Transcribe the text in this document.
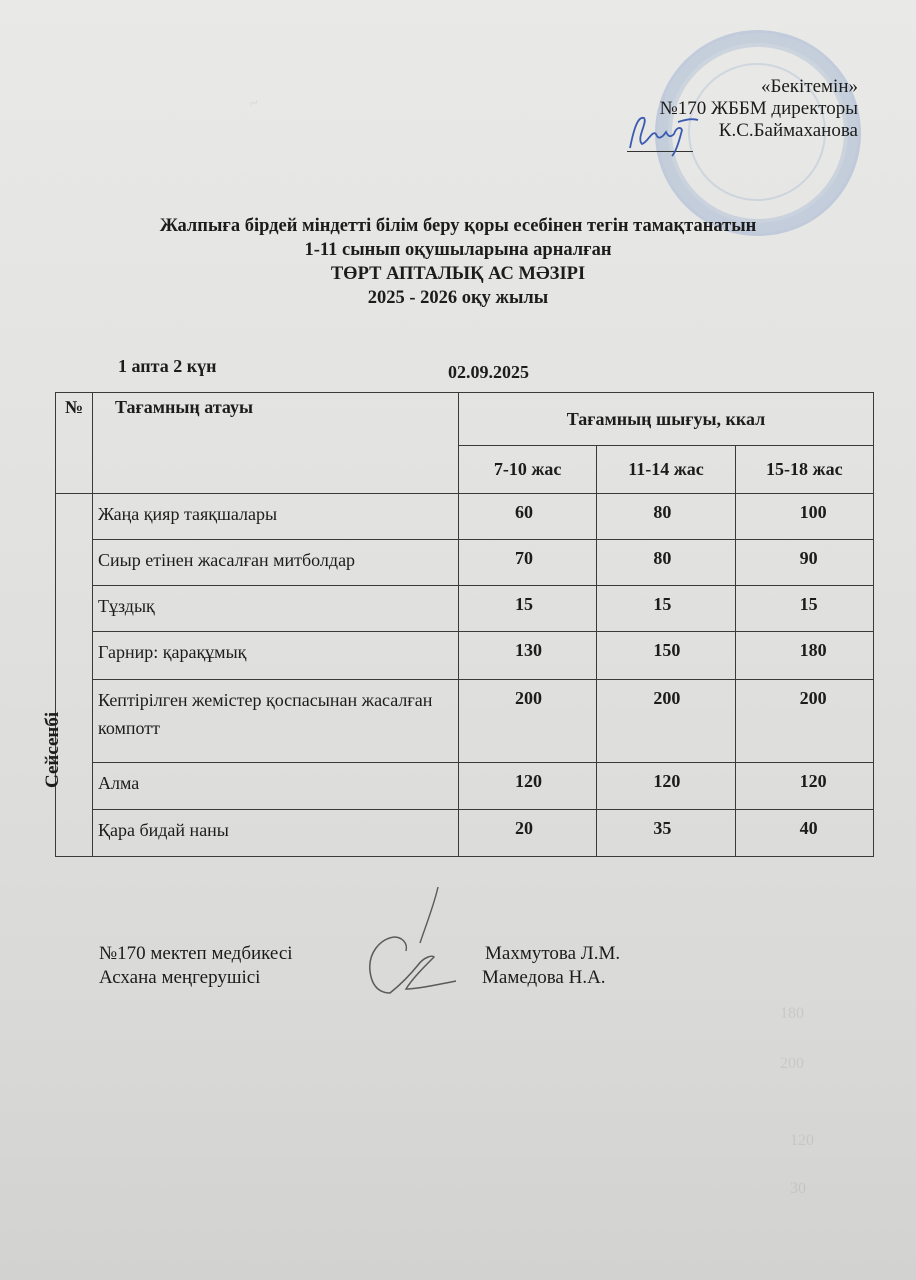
~
180
200
120
30
«Бекітемін»
№170 ЖББМ директоры
К.С.Баймаханова
Жалпыға бірдей міндетті білім беру қоры есебінен тегін тамақтанатын
1-11 сынып оқушыларына арналған
ТӨРТ АПТАЛЫҚ АС МӘЗІРІ
2025 - 2026 оқу жылы
1 апта 2 күн	02.09.2025
№	Тағамның атауы	Тағамның шығуы, ккал		
		7-10 жас	11-14 жас	15-18 жас

Сейсенбі	Жаңа қияр таяқшалары	60	80	100
	Сиыр етінен жасалған митболдар	70	80	90
	Тұздық	15	15	15
	Гарнир: қарақұмық	130	150	180
	Кептірілген жемістер қоспасынан жасалған компотт	200	200	200
	Алма	120	120	120
	Қара бидай наны	20	35	40
№170 мектеп медбикесі
Асхана меңгерушісі
Махмутова Л.М.
Мамедова Н.А.
